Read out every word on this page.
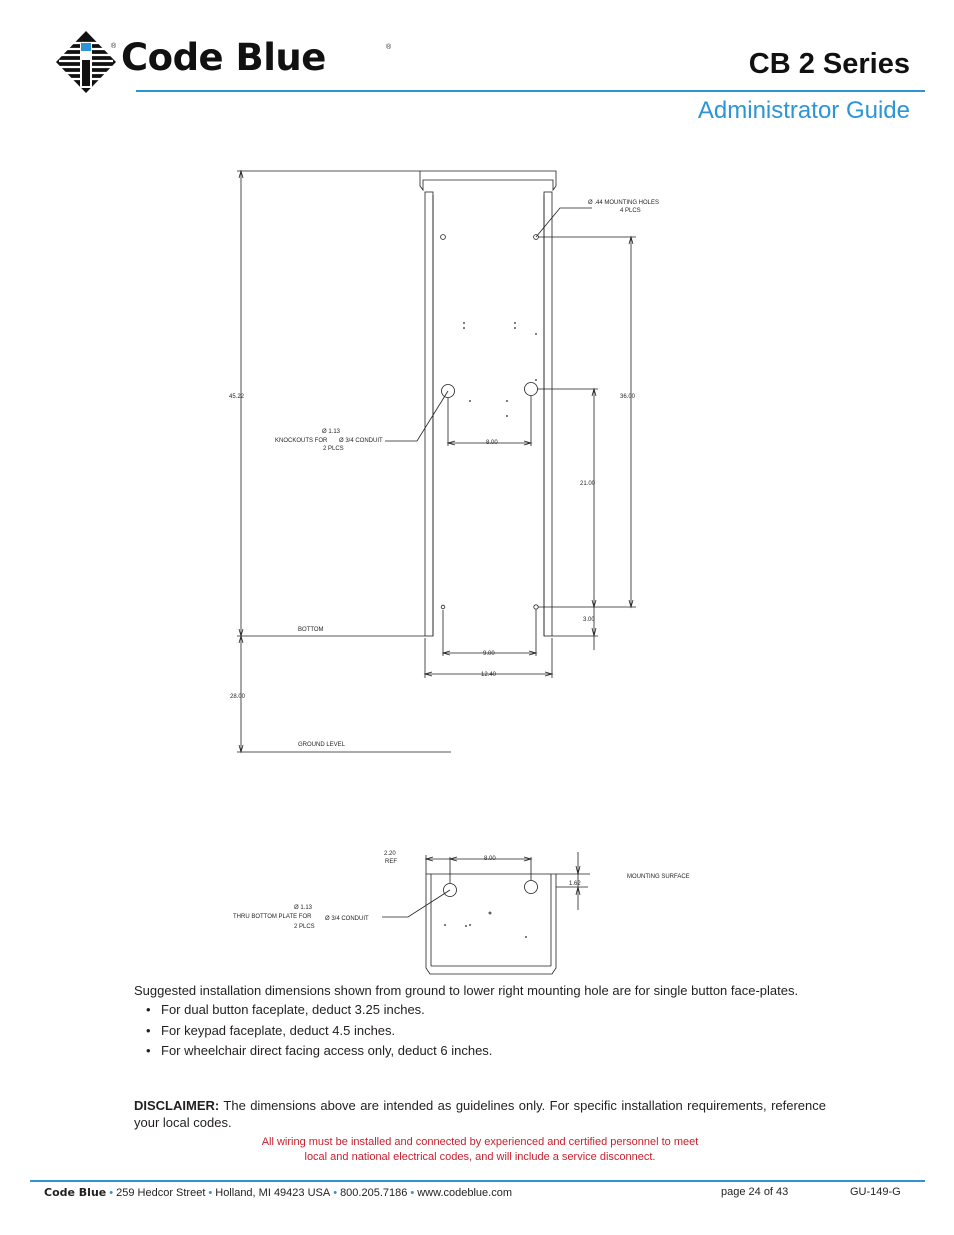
® Code Blue	®
CB 2 Series
Administrator Guide
Ø .44 MOUNTING HOLES
4 PLCS
45.22	36.00
Ø 1.13
KNOCKOUTS FOR Ø 3/4 CONDUIT
2 PLCS
8.00
21.00
3.00
BOTTOM
9.00
12.40
28.00
GROUND LEVEL
2.20
REF	8.00
1.62
MOUNTING SURFACE
Ø 1.13
THRU BOTTOM PLATE FOR Ø 3/4 CONDUIT
2 PLCS

Suggested installation dimensions shown from ground to lower right mounting hole are for single button face-plates.

• For dual button faceplate, deduct 3.25 inches.
• For keypad faceplate, deduct 4.5 inches.
• For wheelchair direct facing access only, deduct 6 inches.
DISCLAIMER: The dimensions above are intended as guidelines only. For specific installation requirements, reference your local codes.
All wiring must be installed and connected by experienced and certified personnel to meet
local and national electrical codes, and will include a service disconnect.
Code Blue • 259 Hedcor Street • Holland, MI 49423 USA • 800.205.7186 • www.codeblue.com	page 24 of 43	GU-149-G
